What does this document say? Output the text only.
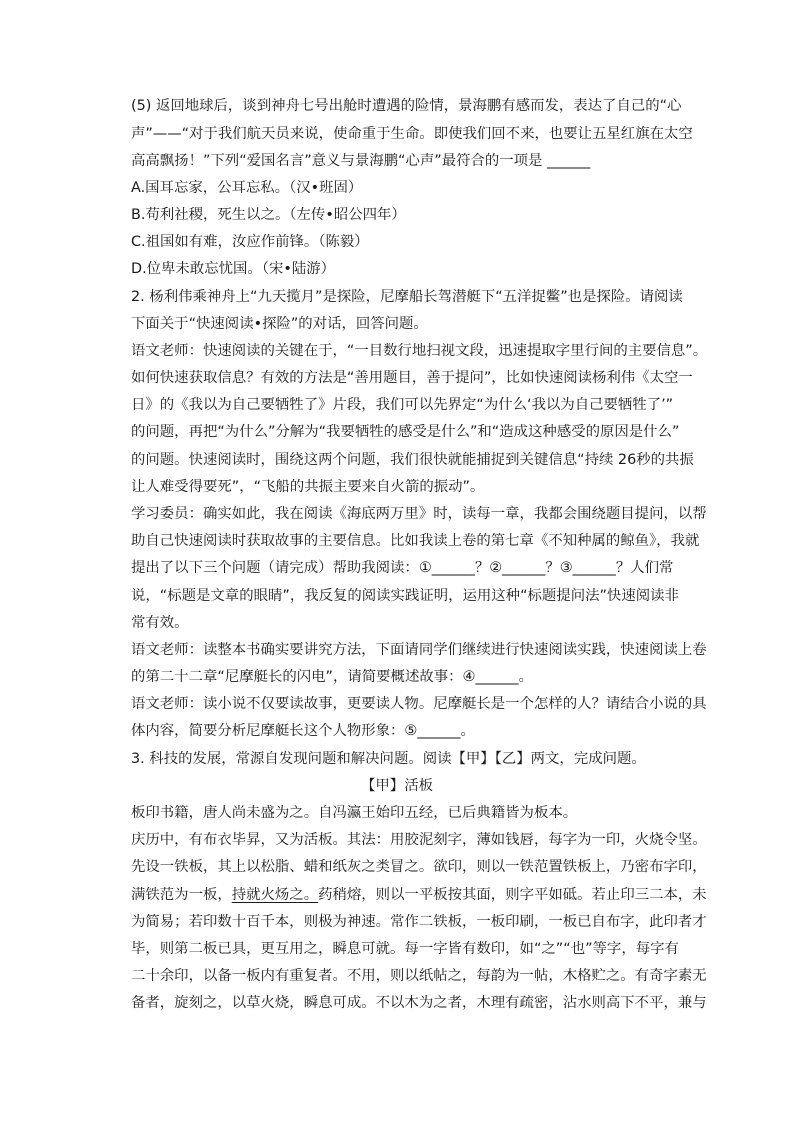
(5) 返回地球后，谈到神舟七号出舱时遭遇的险情，景海鹏有感而发，表达了自己的“心
声”——“对于我们航天员来说，使命重于生命。即使我们回不来，也要让五星红旗在太空
高高飘扬！”下列“爱国名言”意义与景海鹏“心声”最符合的一项是 ______
A.国耳忘家，公耳忘私。（汉•班固）
B.苟利社稷，死生以之。（左传•昭公四年）
C.祖国如有难，汝应作前锋。（陈毅）
D.位卑未敢忘忧国。（宋•陆游）
2. 杨利伟乘神舟上“九天揽月”是探险，尼摩船长驾潜艇下“五洋捉鳖”也是探险。请阅读
下面关于“快速阅读•探险”的对话，回答问题。
语文老师：快速阅读的关键在于，“一目数行地扫视文段，迅速提取字里行间的主要信息”。
如何快速获取信息？有效的方法是“善用题目，善于提问”，比如快速阅读杨利伟《太空一
日》的《我以为自己要牺牲了》片段，我们可以先界定“为什么‘我以为自己要牺牲了’”
的问题，再把“为什么”分解为“我要牺牲的感受是什么”和“造成这种感受的原因是什么”
的问题。快速阅读时，围绕这两个问题，我们很快就能捕捉到关键信息“持续 26秒的共振
让人难受得要死”，“飞船的共振主要来自火箭的振动”。
学习委员：确实如此，我在阅读《海底两万里》时，读每一章，我都会围绕题目提问，以帮
助自己快速阅读时获取故事的主要信息。比如我读上卷的第七章《不知种属的鲸鱼》，我就
提出了以下三个问题（请完成）帮助我阅读：①______？②______？③______？人们常
说，“标题是文章的眼睛”，我反复的阅读实践证明，运用这种“标题提问法”快速阅读非
常有效。
语文老师：读整本书确实要讲究方法，下面请同学们继续进行快速阅读实践，快速阅读上卷
的第二十二章“尼摩艇长的闪电”，请简要概述故事：④______。
语文老师：读小说不仅要读故事，更要读人物。尼摩艇长是一个怎样的人？请结合小说的具
体内容，简要分析尼摩艇长这个人物形象：⑤______。
3. 科技的发展，常源自发现问题和解决问题。阅读【甲】【乙】两文，完成问题。
【甲】活板
板印书籍，唐人尚未盛为之。自冯瀛王始印五经，已后典籍皆为板本。
庆历中，有布衣毕昇，又为活板。其法：用胶泥刻字，薄如钱唇，每字为一印，火烧令坚。
先设一铁板，其上以松脂、蜡和纸灰之类冒之。欲印，则以一铁范置铁板上，乃密布字印，
满铁范为一板，持就火炀之。药稍熔，则以一平板按其面，则字平如砥。若止印三二本，未
为简易；若印数十百千本，则极为神速。常作二铁板，一板印刷，一板已自布字，此印者才
毕，则第二板已具，更互用之，瞬息可就。每一字皆有数印，如“之”“也”等字，每字有
二十余印，以备一板内有重复者。不用，则以纸帖之，每韵为一帖，木格贮之。有奇字素无
备者，旋刻之，以草火烧，瞬息可成。不以木为之者，木理有疏密，沾水则高下不平，兼与
